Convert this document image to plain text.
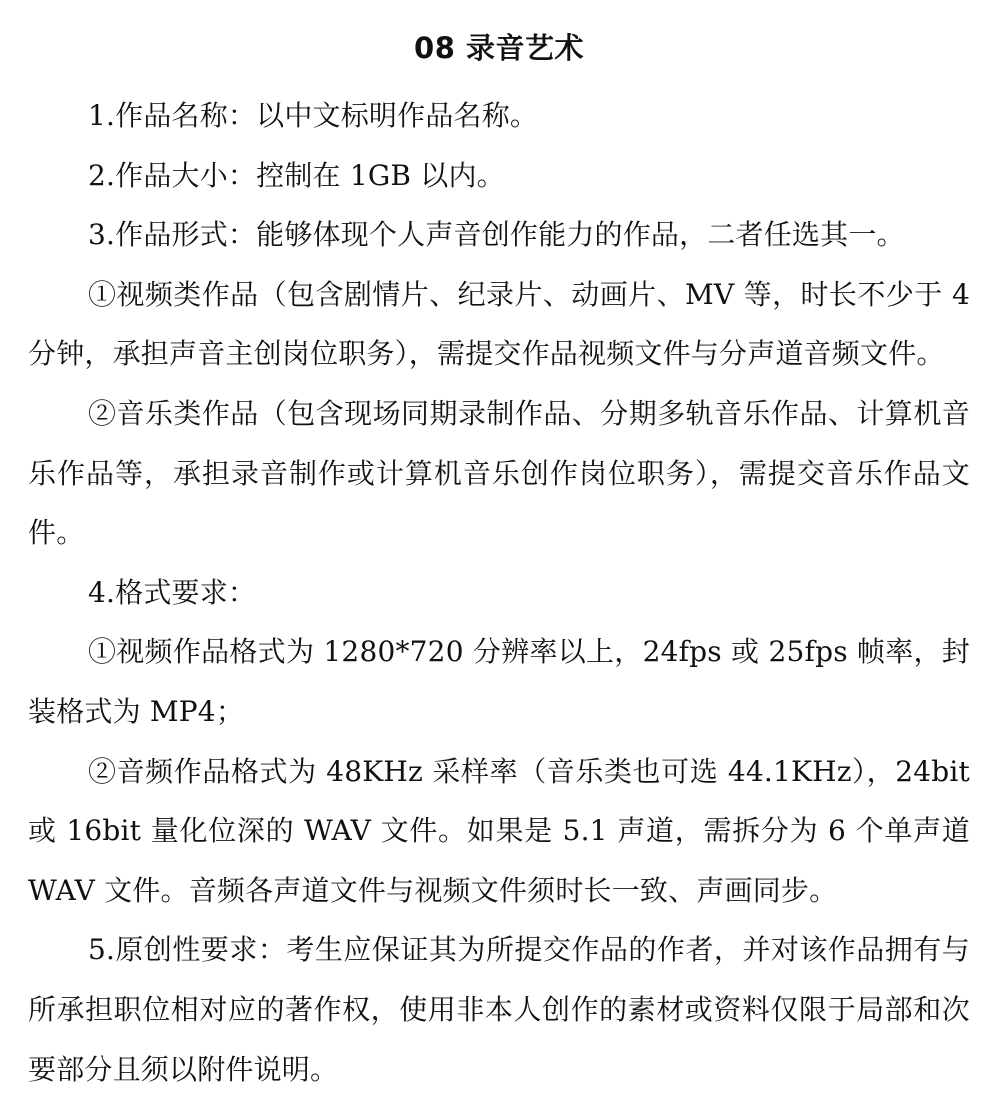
08 录音艺术

1.作品名称：以中文标明作品名称。

2.作品大小：控制在 1GB 以内。

3.作品形式：能够体现个人声音创作能力的作品，二者任选其一。

①视频类作品（包含剧情片、纪录片、动画片、MV 等，时长不少于 4 分钟，承担声音主创岗位职务），需提交作品视频文件与分声道音频文件。

②音乐类作品（包含现场同期录制作品、分期多轨音乐作品、计算机音乐作品等，承担录音制作或计算机音乐创作岗位职务），需提交音乐作品文件。

4.格式要求：

①视频作品格式为 1280*720 分辨率以上，24fps 或 25fps 帧率，封装格式为 MP4；

②音频作品格式为 48KHz 采样率（音乐类也可选 44.1KHz），24bit 或 16bit 量化位深的 WAV 文件。如果是 5.1 声道，需拆分为 6 个单声道 WAV 文件。音频各声道文件与视频文件须时长一致、声画同步。

5.原创性要求：考生应保证其为所提交作品的作者，并对该作品拥有与所承担职位相对应的著作权，使用非本人创作的素材或资料仅限于局部和次要部分且须以附件说明。
